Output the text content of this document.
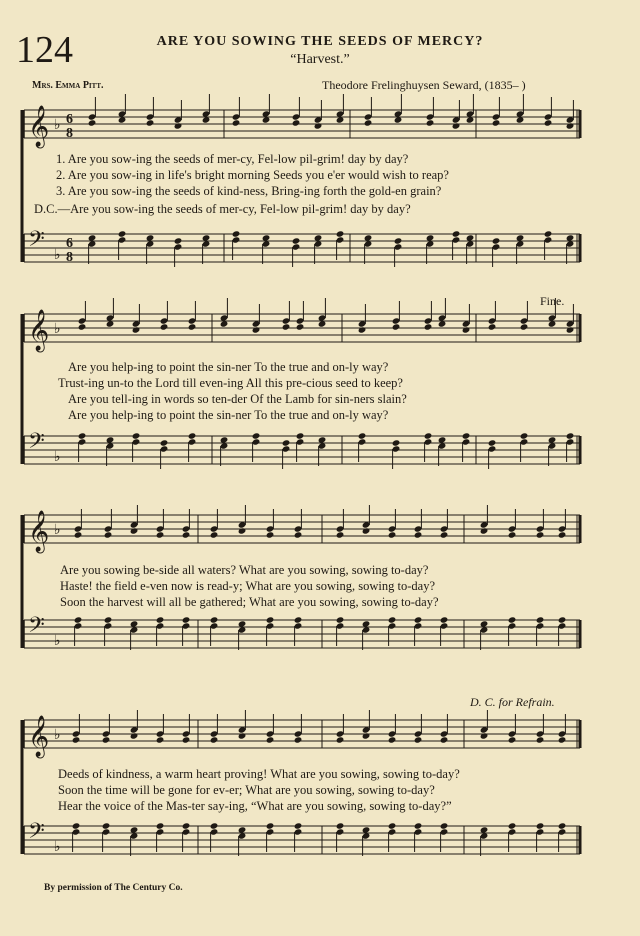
124	ARE YOU SOWING THE SEEDS OF MERCY?
“Harvest.”
Mrs. Emma Pitt.	Theodore Frelinghuysen Seward, (1835– )
𝄞 ♭ 6
8
𝄢 ♭
6
8
𝄞 ♭
𝄢 ♭
𝄞 ♭
𝄢 ♭
𝄞 ♭
𝄢 ♭
1. Are you sow-ing the seeds of mer-cy, Fel-low pil-grim! day by day?
2. Are you sow-ing in life's bright morning Seeds you e'er would wish to reap?
3. Are you sow-ing the seeds of kind-ness, Bring-ing forth the gold-en grain?
D.C.—Are you sow-ing the seeds of mer-cy, Fel-low pil-grim! day by day?
Fine.
Are you help-ing to point the sin-ner To the true and on-ly way?
Trust-ing un-to the Lord till even-ing All this pre-cious seed to keep?
Are you tell-ing in words so ten-der Of the Lamb for sin-ners slain?
Are you help-ing to point the sin-ner To the true and on-ly way?
Are you sowing be-side all waters? What are you sowing, sowing to-day?
Haste! the field e-ven now is read-y; What are you sowing, sowing to-day?
Soon the harvest will all be gathered; What are you sowing, sowing to-day?
D. C. for Refrain.
Deeds of kindness, a warm heart proving! What are you sowing, sowing to-day?
Soon the time will be gone for ev-er; What are you sowing, sowing to-day?
Hear the voice of the Mas-ter say-ing, “What are you sowing, sowing to-day?”
By permission of The Century Co.
